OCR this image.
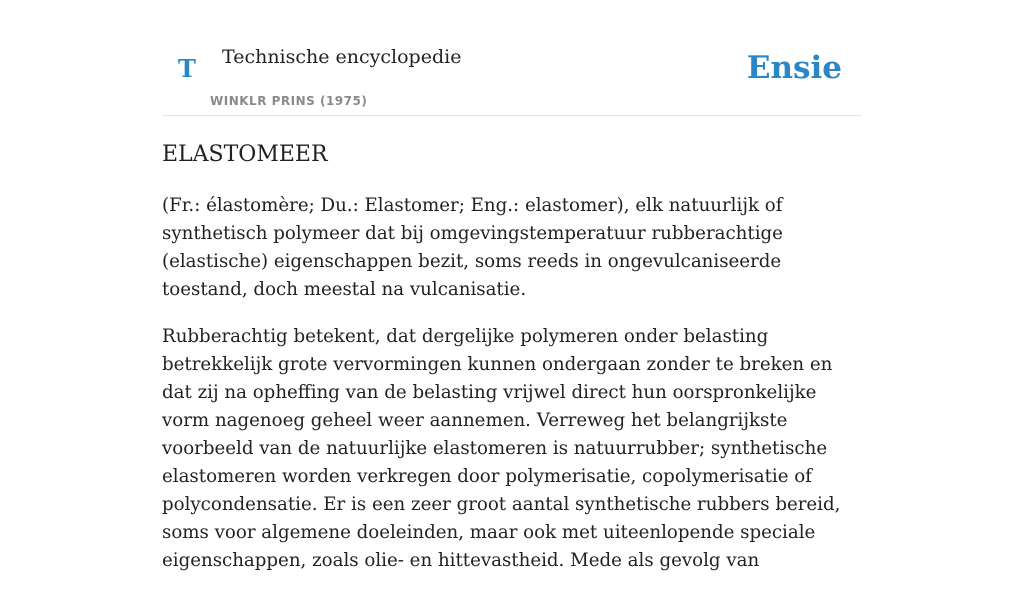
T Technische encyclopedie
WINKLR PRINS (1975)
Ensie
ELASTOMEER

(Fr.: élastomère; Du.: Elastomer; Eng.: elastomer), elk natuurlijk of synthetisch polymeer dat bij omgevingstemperatuur rubberachtige (elastische) eigenschappen bezit, soms reeds in ongevulcaniseerde toestand, doch meestal na vulcanisatie.

Rubberachtig betekent, dat dergelijke polymeren onder belasting betrekkelijk grote vervormingen kunnen ondergaan zonder te breken en dat zij na opheffing van de belasting vrijwel direct hun oorspronkelijke vorm nagenoeg geheel weer aannemen. Verreweg het belangrijkste voorbeeld van de natuurlijke elastomeren is natuurrubber; synthetische elastomeren worden verkregen door polymerisatie, copolymerisatie of polycondensatie. Er is een zeer groot aantal synthetische rubbers bereid, soms voor algemene doeleinden, maar ook met uiteenlopende speciale eigenschappen, zoals olie- en hittevastheid. Mede als gevolg van
